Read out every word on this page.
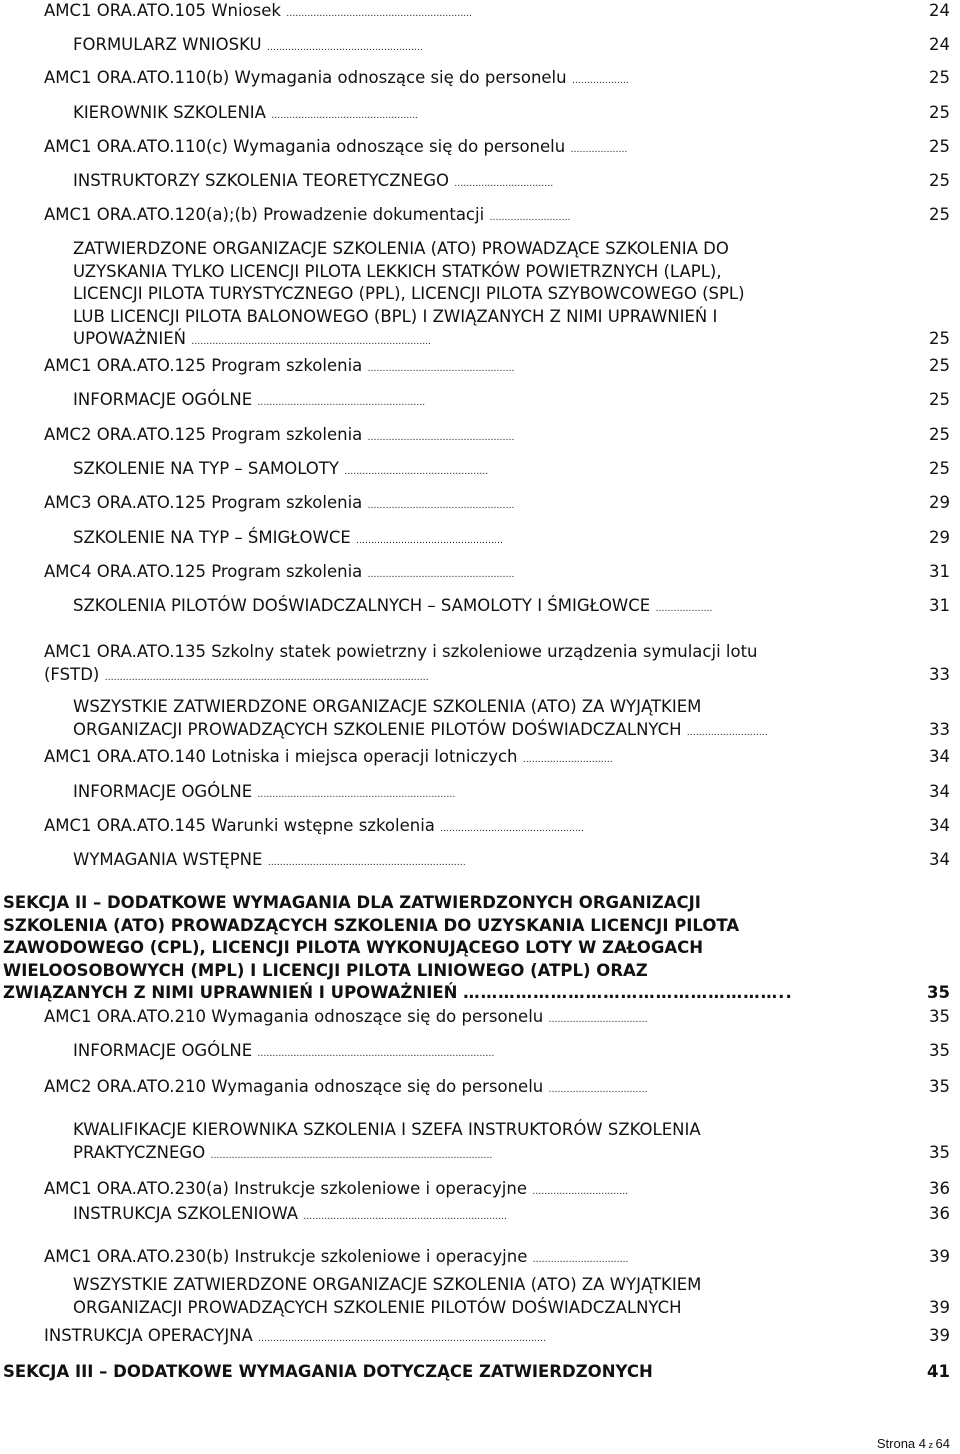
AMC1 ORA.ATO.105 Wniosek ……………………………………………………..	24
FORMULARZ WNIOSKU …………………………………………….	24
AMC1 ORA.ATO.110(b) Wymagania odnoszące się do personelu ……………….	25
KIEROWNIK SZKOLENIA ………………………………………….	25
AMC1 ORA.ATO.110(c) Wymagania odnoszące się do personelu ……………….	25
INSTRUKTORZY SZKOLENIA TEORETYCZNEGO ……………………………	25
AMC1 ORA.ATO.120(a);(b) Prowadzenie dokumentacji ………………………	25
ZATWIERDZONE ORGANIZACJE SZKOLENIA (ATO) PROWADZĄCE SZKOLENIA DO
UZYSKANIA TYLKO LICENCJI PILOTA LEKKICH STATKÓW POWIETRZNYCH (LAPL),
LICENCJI PILOTA TURYSTYCZNEGO (PPL), LICENCJI PILOTA SZYBOWCOWEGO (SPL)
LUB LICENCJI PILOTA BALONOWEGO (BPL) I ZWIĄZANYCH Z NIMI UPRAWNIEŃ I
UPOWAŻNIEŃ ……………………………………………………………………..	25
AMC1 ORA.ATO.125 Program szkolenia ………………………………………….	25
INFORMACJE OGÓLNE ………………………………………………..	25
AMC2 ORA.ATO.125 Program szkolenia ………………………………………….	25
SZKOLENIE NA TYP – SAMOLOTY …………………………………………	25
AMC3 ORA.ATO.125 Program szkolenia ………………………………………….	29
SZKOLENIE NA TYP – ŚMIGŁOWCE ………………………………………….	29
AMC4 ORA.ATO.125 Program szkolenia ………………………………………….	31
SZKOLENIA PILOTÓW DOŚWIADCZALNYCH – SAMOLOTY I ŚMIGŁOWCE ……………….	31
AMC1 ORA.ATO.135 Szkolny statek powietrzny i szkoleniowe urządzenia symulacji lotu
(FSTD) ………………………………………………………………………………………………	33
WSZYSTKIE ZATWIERDZONE ORGANIZACJE SZKOLENIA (ATO) ZA WYJĄTKIEM
ORGANIZACJI PROWADZĄCYCH SZKOLENIE PILOTÓW DOŚWIADCZALNYCH ………………………	33
AMC1 ORA.ATO.140 Lotniska i miejsca operacji lotniczych …………………………	34
INFORMACJE OGÓLNE …………………………………………………………	34
AMC1 ORA.ATO.145 Warunki wstępne szkolenia …………………………………………	34
WYMAGANIA WSTĘPNE …………………………………………………………	34
SEKCJA II – DODATKOWE WYMAGANIA DLA ZATWIERDZONYCH ORGANIZACJI
SZKOLENIA (ATO) PROWADZĄCYCH SZKOLENIA DO UZYSKANIA LICENCJI PILOTA
ZAWODOWEGO (CPL), LICENCJI PILOTA WYKONUJĄCEGO LOTY W ZAŁOGACH
WIELOOSOBOWYCH (MPL) I LICENCJI PILOTA LINIOWEGO (ATPL) ORAZ
ZWIĄZANYCH Z NIMI UPRAWNIEŃ I UPOWAŻNIEŃ ………………………………………………..	35
AMC1 ORA.ATO.210 Wymagania odnoszące się do personelu ……………………………	35
INFORMACJE OGÓLNE …………………………………………………………………….	35
AMC2 ORA.ATO.210 Wymagania odnoszące się do personelu ……………………………	35
KWALIFIKACJE KIEROWNIKA SZKOLENIA I SZEFA INSTRUKTORÓW SZKOLENIA
PRAKTYCZNEGO ………………………………………………………………………………….	35
AMC1 ORA.ATO.230(a) Instrukcje szkoleniowe i operacyjne …………………………..	36
INSTRUKCJA SZKOLENIOWA …………………………………………………………..	36
AMC1 ORA.ATO.230(b) Instrukcje szkoleniowe i operacyjne …………………………..	39
WSZYSTKIE ZATWIERDZONE ORGANIZACJE SZKOLENIA (ATO) ZA WYJĄTKIEM
ORGANIZACJI PROWADZĄCYCH SZKOLENIE PILOTÓW DOŚWIADCZALNYCH	39
INSTRUKCJA OPERACYJNA ……………………………………………………………………………………	39
SEKCJA III – DODATKOWE WYMAGANIA DOTYCZĄCE ZATWIERDZONYCH	41
Strona 4 z 64
